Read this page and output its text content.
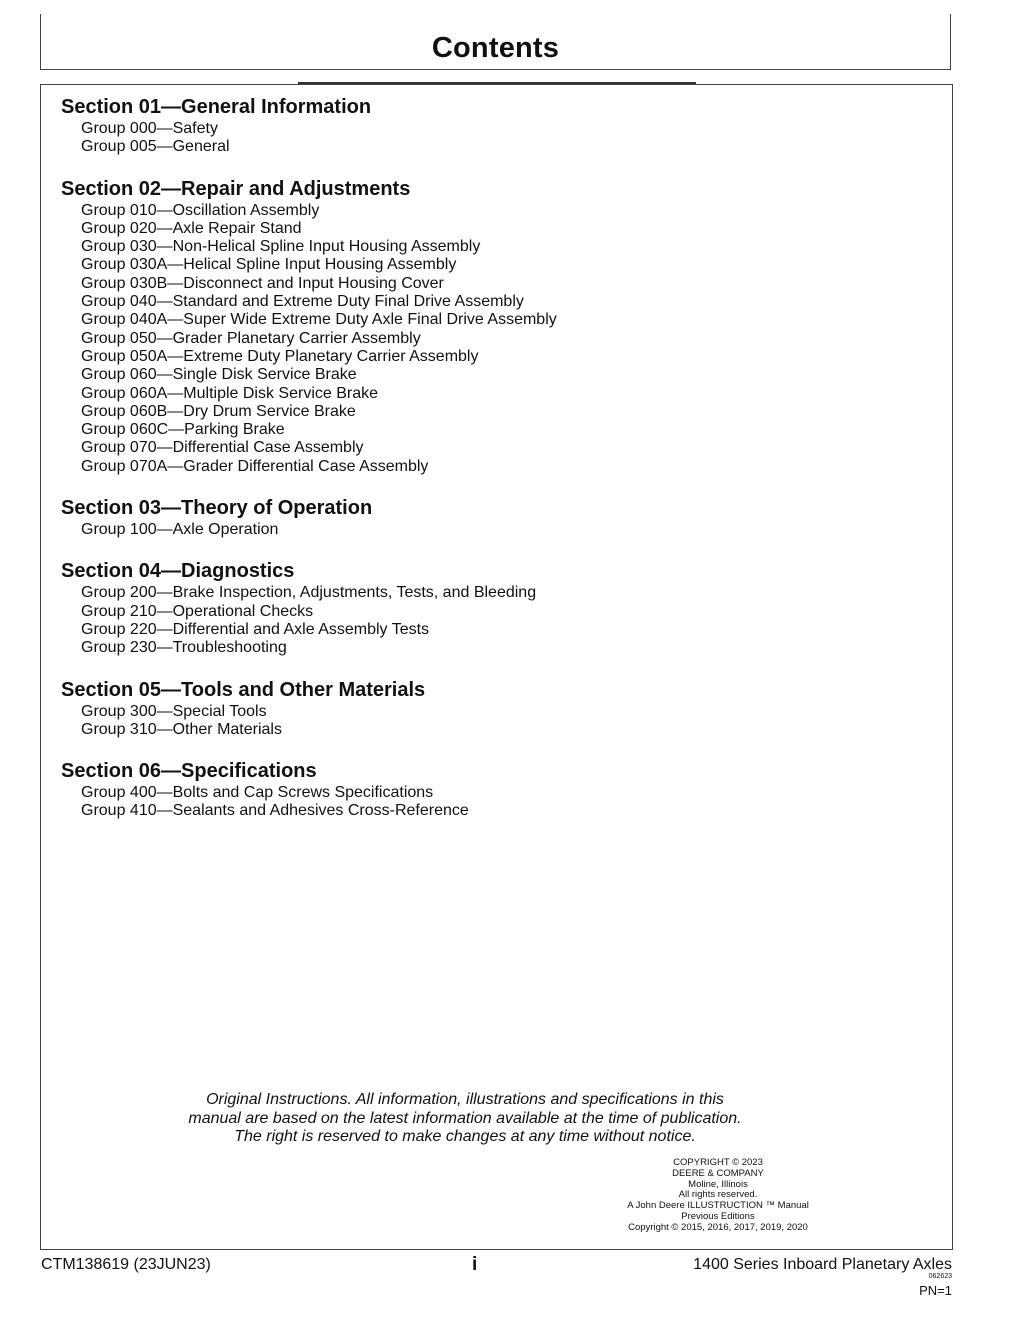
Contents
Section 01—General Information
Group 000—Safety
Group 005—General
Section 02—Repair and Adjustments
Group 010—Oscillation Assembly
Group 020—Axle Repair Stand
Group 030—Non-Helical Spline Input Housing Assembly
Group 030A—Helical Spline Input Housing Assembly
Group 030B—Disconnect and Input Housing Cover
Group 040—Standard and Extreme Duty Final Drive Assembly
Group 040A—Super Wide Extreme Duty Axle Final Drive Assembly
Group 050—Grader Planetary Carrier Assembly
Group 050A—Extreme Duty Planetary Carrier Assembly
Group 060—Single Disk Service Brake
Group 060A—Multiple Disk Service Brake
Group 060B—Dry Drum Service Brake
Group 060C—Parking Brake
Group 070—Differential Case Assembly
Group 070A—Grader Differential Case Assembly
Section 03—Theory of Operation
Group 100—Axle Operation
Section 04—Diagnostics
Group 200—Brake Inspection, Adjustments, Tests, and Bleeding
Group 210—Operational Checks
Group 220—Differential and Axle Assembly Tests
Group 230—Troubleshooting
Section 05—Tools and Other Materials
Group 300—Special Tools
Group 310—Other Materials
Section 06—Specifications
Group 400—Bolts and Cap Screws Specifications
Group 410—Sealants and Adhesives Cross-Reference
Original Instructions. All information, illustrations and specifications in this
manual are based on the latest information available at the time of publication.
The right is reserved to make changes at any time without notice.
COPYRIGHT © 2023
DEERE & COMPANY
Moline, Illinois
All rights reserved.
A John Deere ILLUSTRUCTION ™ Manual
Previous Editions
Copyright © 2015, 2016, 2017, 2019, 2020
CTM138619 (23JUN23)	i	1400 Series Inboard Planetary Axles
062623
PN=1
